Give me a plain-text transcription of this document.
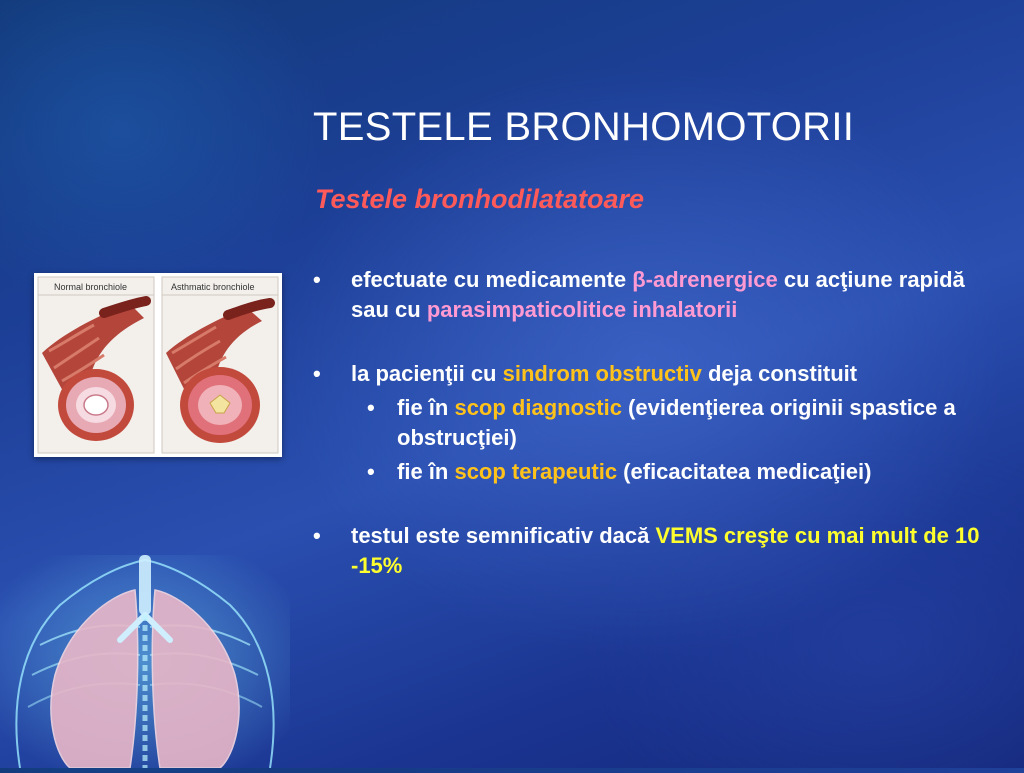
Normal bronchiole	Asthmatic bronchiole
TESTELE BRONHOMOTORII
Testele bronhodilatatoare
• efectuate cu medicamente β-adrenergice cu acţiune rapidă sau cu parasimpaticolitice inhalatorii
• la pacienţii cu sindrom obstructiv deja constituit
• fie în scop diagnostic (evidenţierea originii spastice a obstrucţiei)
• fie în scop terapeutic (eficacitatea medicaţiei)
• testul este semnificativ dacă VEMS creşte cu mai mult de 10 -15%
